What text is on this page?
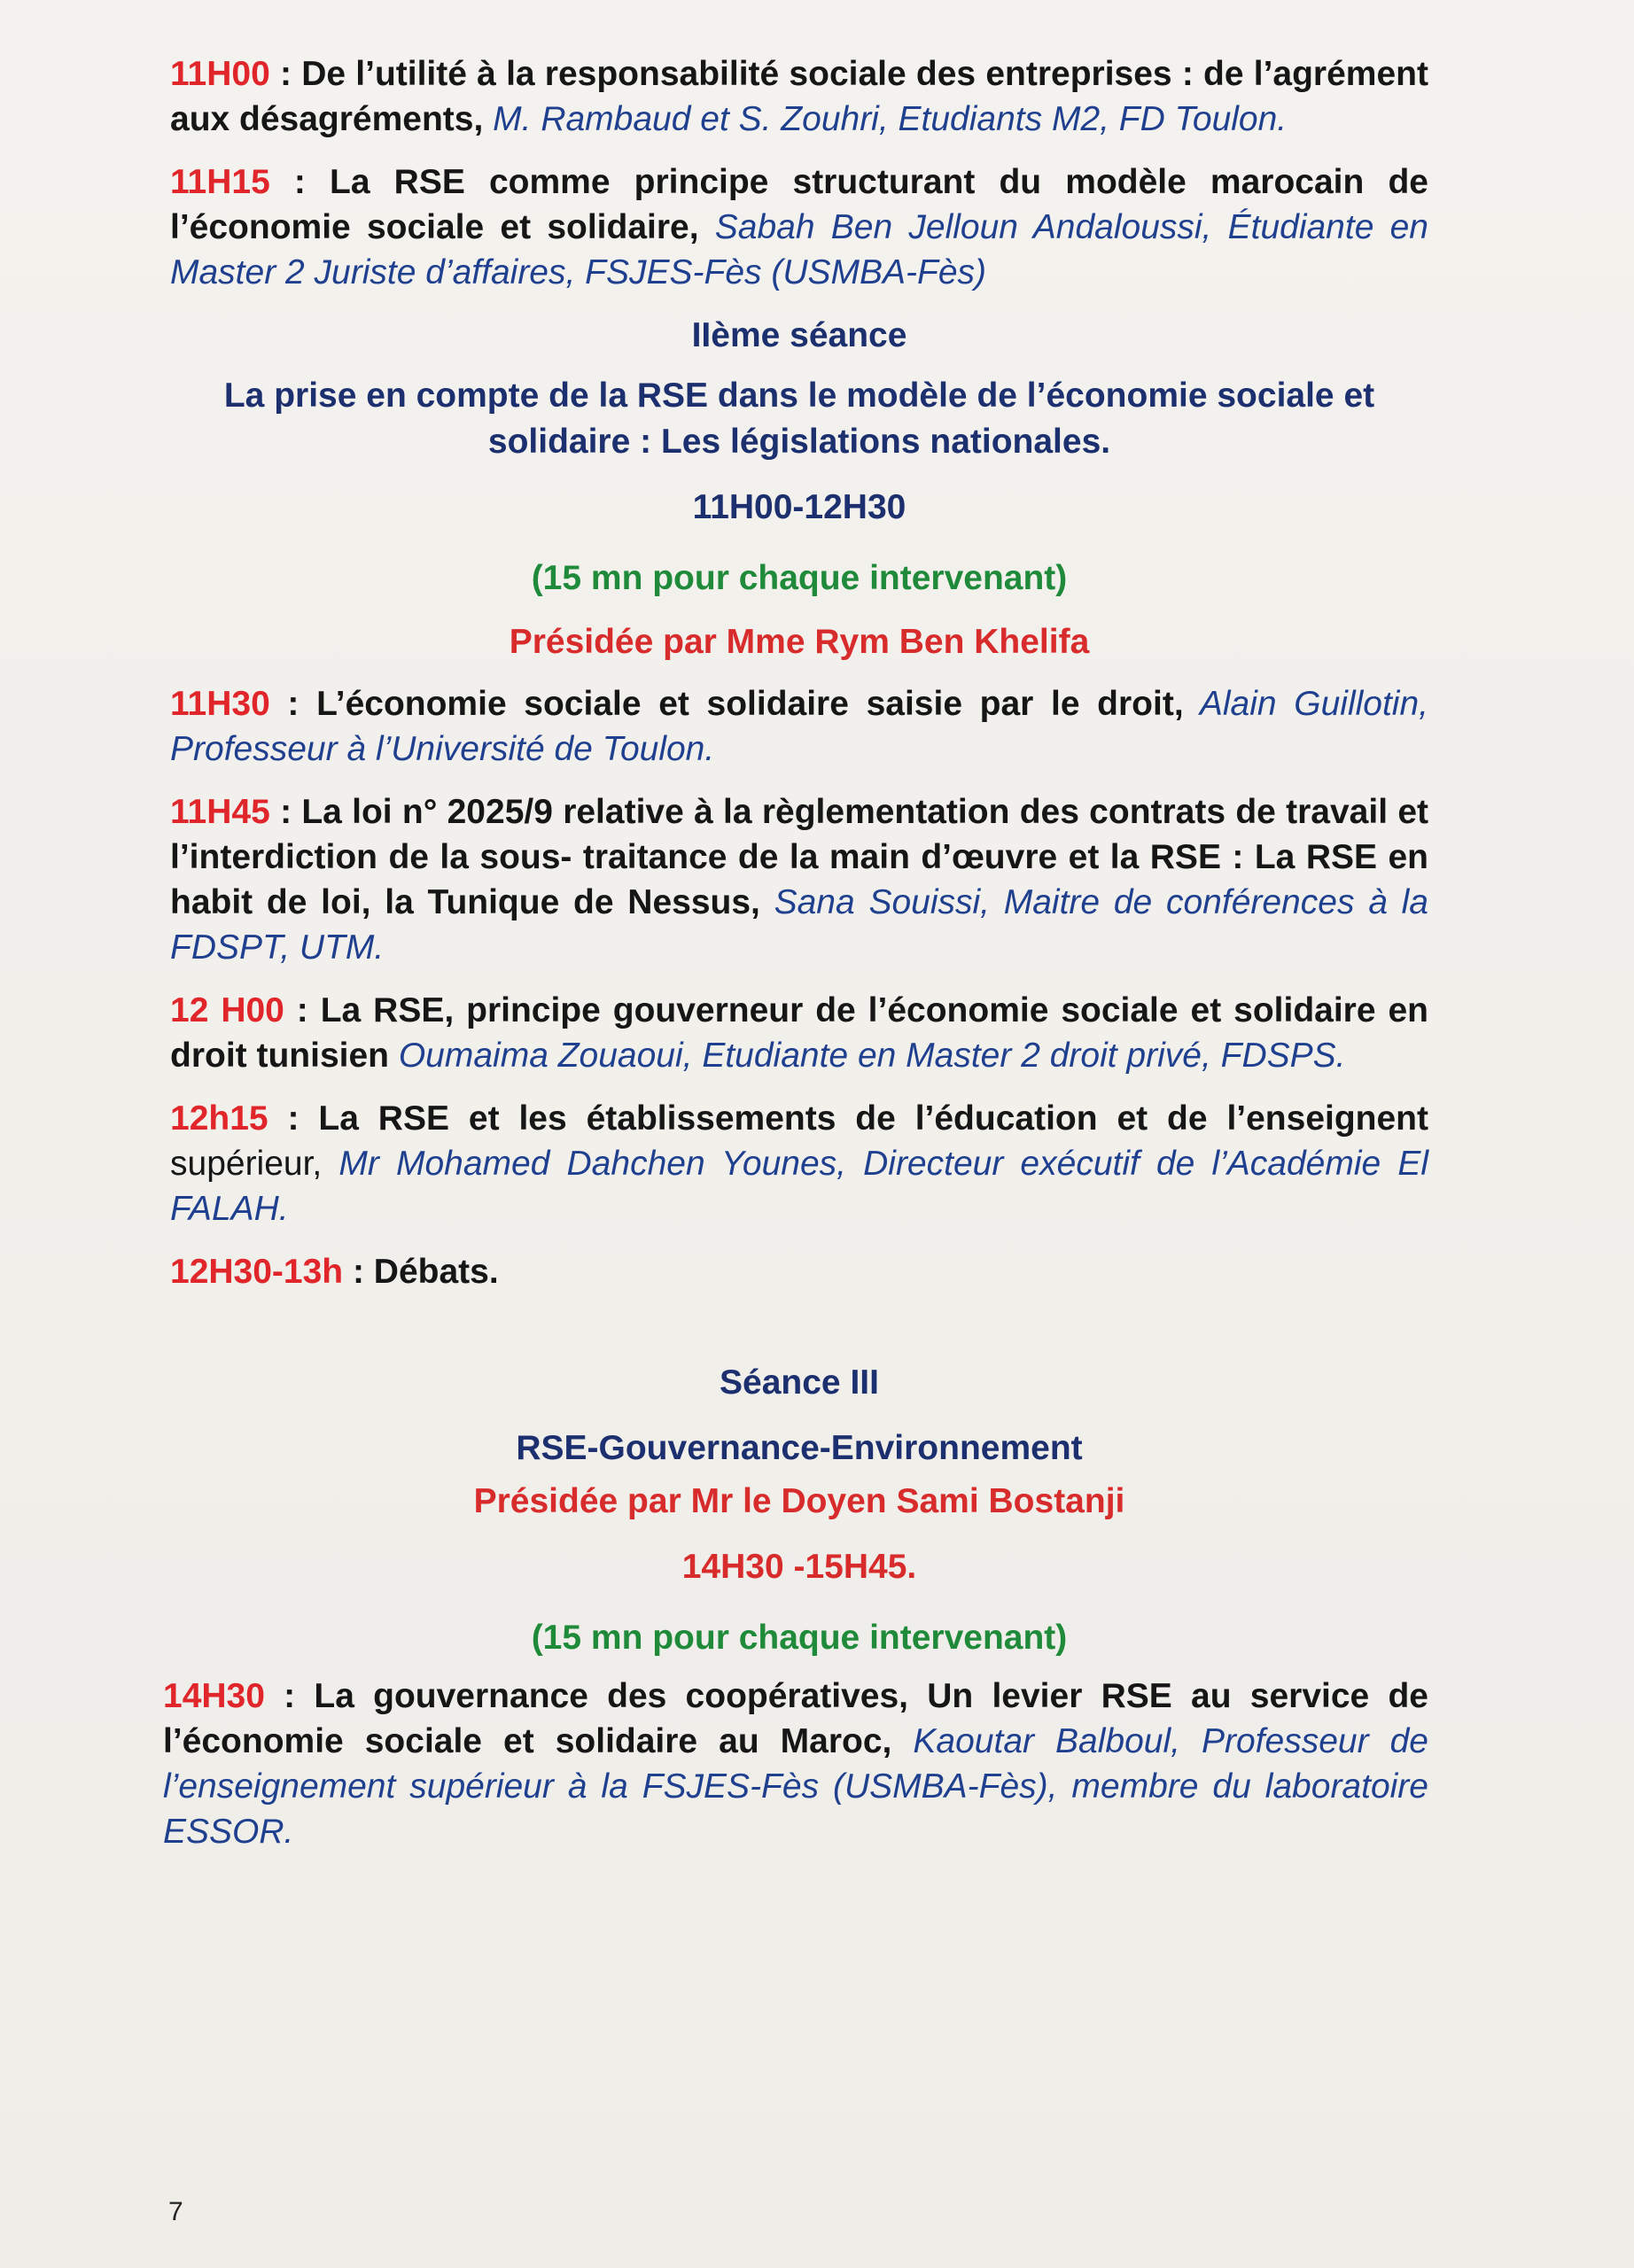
11H00 : De l’utilité à la responsabilité sociale des entreprises : de l’agrément aux désagréments, M. Rambaud et S. Zouhri, Etudiants M2, FD Toulon.
11H15 : La RSE comme principe structurant du modèle marocain de l’économie sociale et solidaire, Sabah Ben Jelloun Andaloussi, Étudiante en Master 2 Juriste d’affaires, FSJES-Fès (USMBA-Fès)
IIème séance
La prise en compte de la RSE dans le modèle de l’économie sociale et solidaire : Les législations nationales.
11H00-12H30
(15 mn pour chaque intervenant)
Présidée par Mme Rym Ben Khelifa
11H30 : L’économie sociale et solidaire saisie par le droit, Alain Guillotin, Professeur à l’Université de Toulon.
11H45 : La loi n° 2025/9 relative à la règlementation des contrats de travail et l’interdiction de la sous- traitance de la main d’œuvre et la RSE : La RSE en habit de loi, la Tunique de Nessus, Sana Souissi, Maitre de conférences à la FDSPT, UTM.
12 H00 : La RSE, principe gouverneur de l’économie sociale et solidaire en droit tunisien Oumaima Zouaoui, Etudiante en Master 2 droit privé, FDSPS.
12h15 : La RSE et les établissements de l’éducation et de l’enseignent supérieur, Mr Mohamed Dahchen Younes, Directeur exécutif de l’Académie El FALAH.
12H30-13h : Débats.
Séance III
RSE-Gouvernance-Environnement
Présidée par Mr le Doyen Sami Bostanji
14H30 -15H45.
(15 mn pour chaque intervenant)
14H30 : La gouvernance des coopératives, Un levier RSE au service de l’économie sociale et solidaire au Maroc, Kaoutar Balboul, Professeur de l’enseignement supérieur à la FSJES-Fès (USMBA-Fès), membre du laboratoire ESSOR.
7
